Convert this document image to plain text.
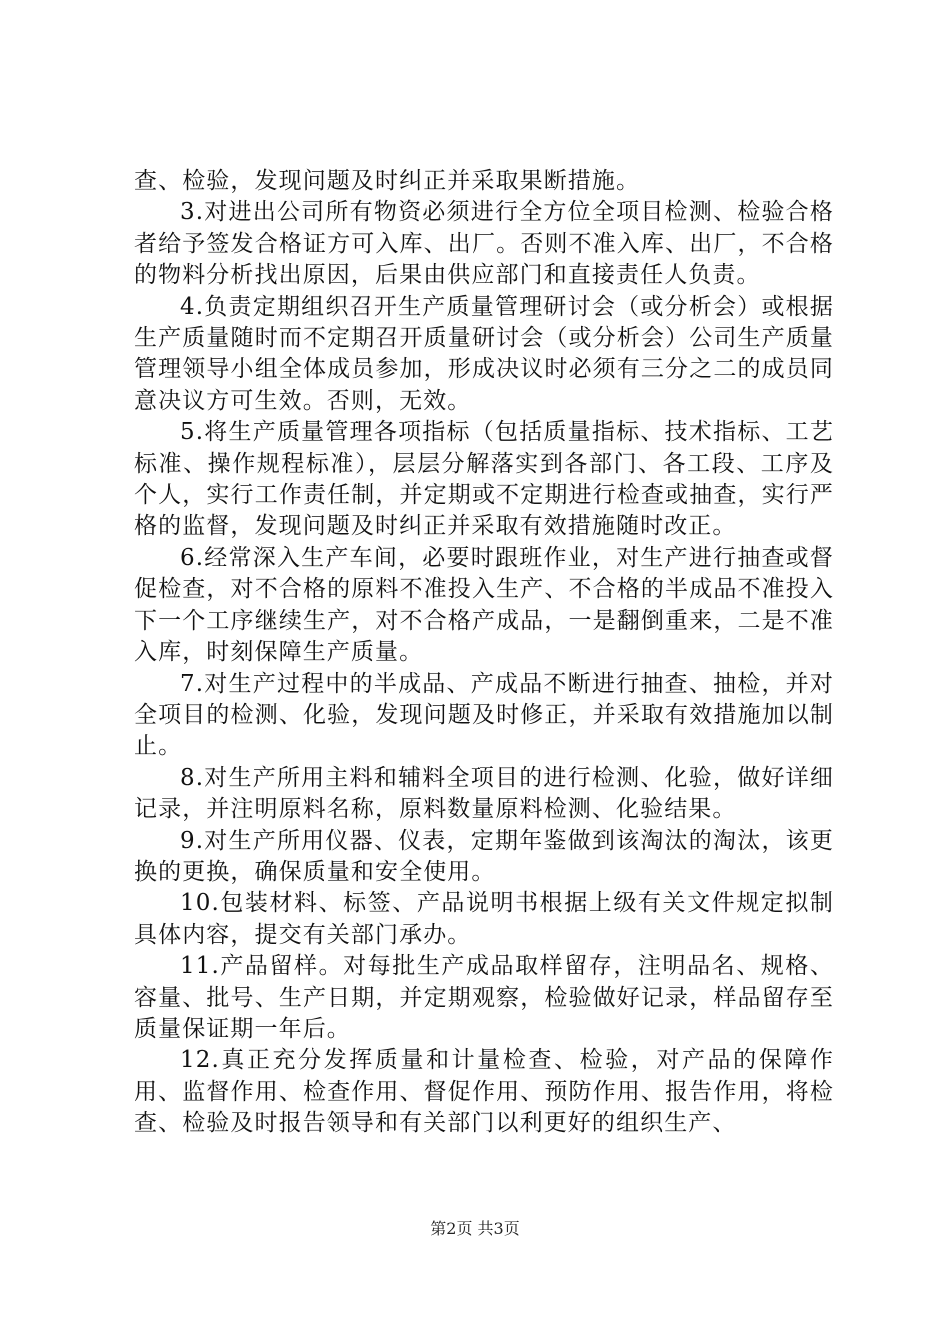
查、检验，发现问题及时纠正并采取果断措施。

3.对进出公司所有物资必须进行全方位全项目检测、检验合格者给予签发合格证方可入库、出厂。否则不准入库、出厂，不合格的物料分析找出原因，后果由供应部门和直接责任人负责。

4.负责定期组织召开生产质量管理研讨会（或分析会）或根据生产质量随时而不定期召开质量研讨会（或分析会）公司生产质量管理领导小组全体成员参加，形成决议时必须有三分之二的成员同意决议方可生效。否则，无效。

5.将生产质量管理各项指标（包括质量指标、技术指标、工艺标准、操作规程标准），层层分解落实到各部门、各工段、工序及个人，实行工作责任制，并定期或不定期进行检查或抽查，实行严格的监督，发现问题及时纠正并采取有效措施随时改正。

6.经常深入生产车间，必要时跟班作业，对生产进行抽查或督促检查，对不合格的原料不准投入生产、不合格的半成品不准投入下一个工序继续生产，对不合格产成品，一是翻倒重来，二是不准入库，时刻保障生产质量。

7.对生产过程中的半成品、产成品不断进行抽查、抽检，并对全项目的检测、化验，发现问题及时修正，并采取有效措施加以制止。

8.对生产所用主料和辅料全项目的进行检测、化验，做好详细记录，并注明原料名称，原料数量原料检测、化验结果。

9.对生产所用仪器、仪表，定期年鉴做到该淘汰的淘汰，该更换的更换，确保质量和安全使用。

10.包装材料、标签、产品说明书根据上级有关文件规定拟制具体内容，提交有关部门承办。

11.产品留样。对每批生产成品取样留存，注明品名、规格、容量、批号、生产日期，并定期观察，检验做好记录，样品留存至质量保证期一年后。

12.真正充分发挥质量和计量检查、检验，对产品的保障作用、监督作用、检查作用、督促作用、预防作用、报告作用，将检查、检验及时报告领导和有关部门以利更好的组织生产、

第2页 共3页
